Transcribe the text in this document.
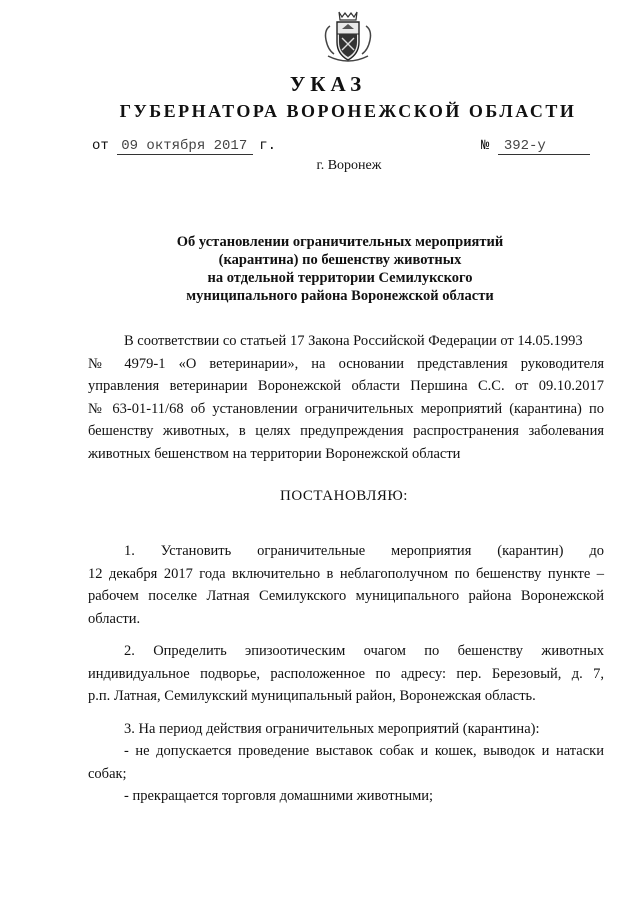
УКАЗ
ГУБЕРНАТОРА ВОРОНЕЖСКОЙ ОБЛАСТИ
от 09 октября 2017 г.	№ 392-у
г. Воронеж
Об установлении ограничительных мероприятий
(карантина) по бешенству животных
на отдельной территории Семилукского
муниципального района Воронежской области
В соответствии со статьей 17 Закона Российской Федерации от 14.05.1993
№ 4979-1 «О ветеринарии», на основании представления руководителя
управления ветеринарии Воронежской области Першина С.С. от 09.10.2017
№ 63-01-11/68 об установлении ограничительных мероприятий (карантина) по
бешенству животных, в целях предупреждения распространения заболевания
животных бешенством на территории Воронежской области
ПОСТАНОВЛЯЮ:
1. Установить ограничительные мероприятия (карантин) до
12 декабря 2017 года включительно в неблагополучном по бешенству пункте –
рабочем поселке Латная Семилукского муниципального района Воронежской
области.
2. Определить эпизоотическим очагом по бешенству животных
индивидуальное подворье, расположенное по адресу: пер. Березовый, д. 7,
р.п. Латная, Семилукский муниципальный район, Воронежская область.
3. На период действия ограничительных мероприятий (карантина):
- не допускается проведение выставок собак и кошек, выводок и натаски
собак;
- прекращается торговля домашними животными;
